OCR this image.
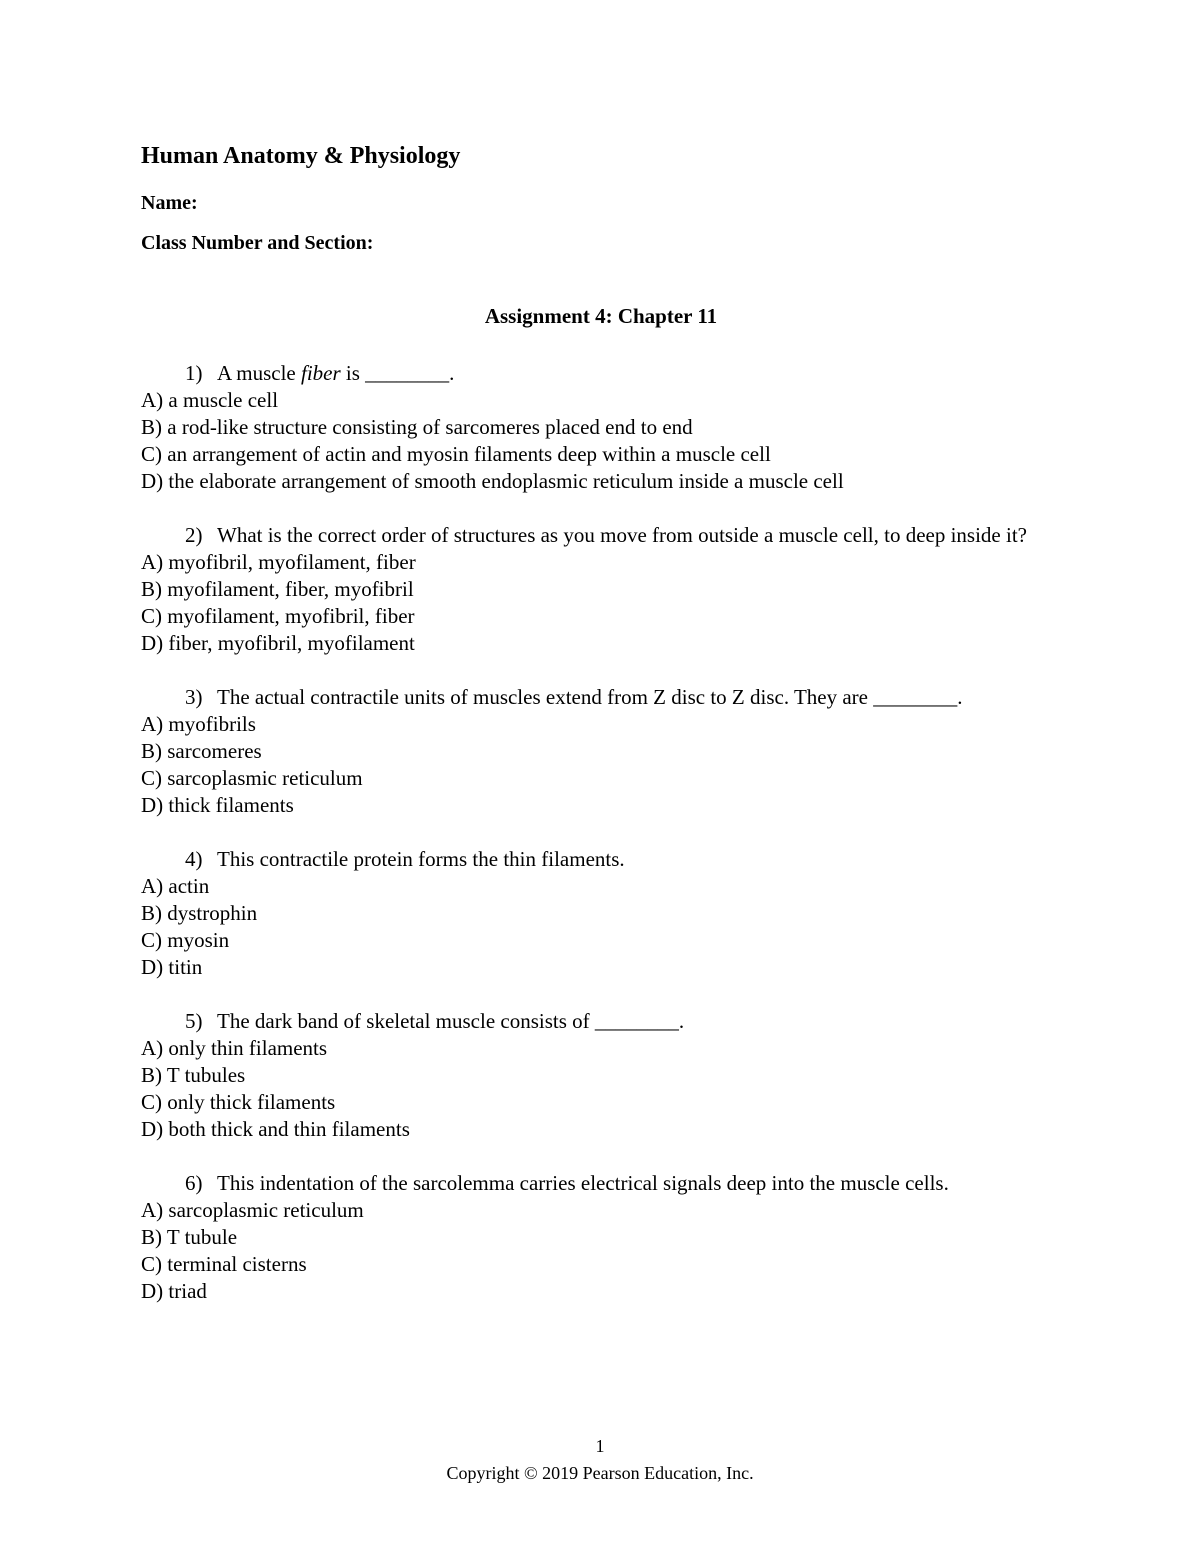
Human Anatomy & Physiology
Name:
Class Number and Section:
Assignment 4: Chapter 11
1) A muscle fiber is ________.
A) a muscle cell
B) a rod-like structure consisting of sarcomeres placed end to end
C) an arrangement of actin and myosin filaments deep within a muscle cell
D) the elaborate arrangement of smooth endoplasmic reticulum inside a muscle cell
2) What is the correct order of structures as you move from outside a muscle cell, to deep inside it?
A) myofibril, myofilament, fiber
B) myofilament, fiber, myofibril
C) myofilament, myofibril, fiber
D) fiber, myofibril, myofilament
3) The actual contractile units of muscles extend from Z disc to Z disc. They are ________.
A) myofibrils
B) sarcomeres
C) sarcoplasmic reticulum
D) thick filaments
4) This contractile protein forms the thin filaments.
A) actin
B) dystrophin
C) myosin
D) titin
5) The dark band of skeletal muscle consists of ________.
A) only thin filaments
B) T tubules
C) only thick filaments
D) both thick and thin filaments
6) This indentation of the sarcolemma carries electrical signals deep into the muscle cells.
A) sarcoplasmic reticulum
B) T tubule
C) terminal cisterns
D) triad
1
Copyright © 2019 Pearson Education, Inc.
